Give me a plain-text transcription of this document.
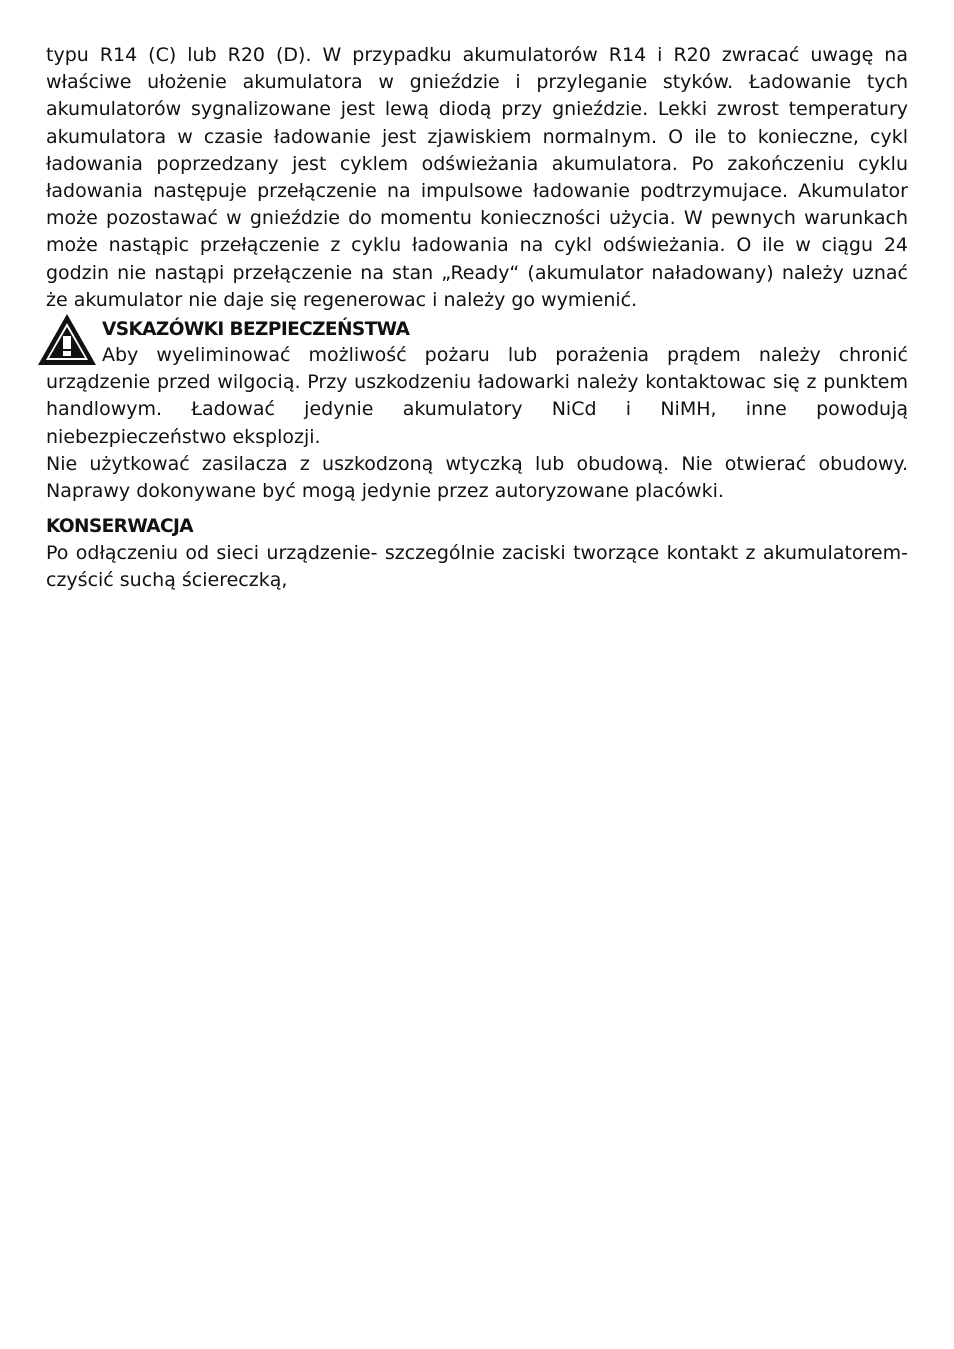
typu R14 (C) lub R20 (D). W przypadku akumulatorów R14 i R20 zwracać uwagę na właściwe ułożenie akumulatora w gnieździe i przyleganie styków. Ładowanie tych akumulatorów sygnalizowane jest lewą diodą przy gnieździe. Lekki zwrost temperatury akumulatora w czasie ładowanie jest zjawiskiem normalnym. O ile to konieczne, cykl ładowania poprzedzany jest cyklem odświeżania akumulatora. Po zakończeniu cyklu ładowania następuje przełączenie na impulsowe ładowanie podtrzymujace. Akumulator może pozostawać w gnieździe do momentu konieczności użycia. W pewnych warunkach może nastąpic przełączenie z cyklu ładowania na cykl odświeżania. O ile w ciągu 24 godzin nie nastąpi przełączenie na stan „Ready“ (akumulator naładowany) należy uznać że akumulator nie daje się regenerowac i należy go wymienić.

VSKAZÓWKI BEZPIECZEŃSTWA

Aby wyeliminować możliwość pożaru lub porażenia prądem należy chronić urządzenie przed wilgocią. Przy uszkodzeniu ładowarki należy kontaktowac się z punktem handlowym. Ładować jedynie akumulatory NiCd i NiMH, inne powodują niebezpieczeństwo eksplozji.

Nie użytkować zasilacza z uszkodzoną wtyczką lub obudową. Nie otwierać obudowy. Naprawy dokonywane być mogą jedynie przez autoryzowane placówki.

KONSERWACJA

Po odłączeniu od sieci urządzenie- szczególnie zaciski tworzące kontakt z akumulatorem- czyścić suchą ściereczką,
